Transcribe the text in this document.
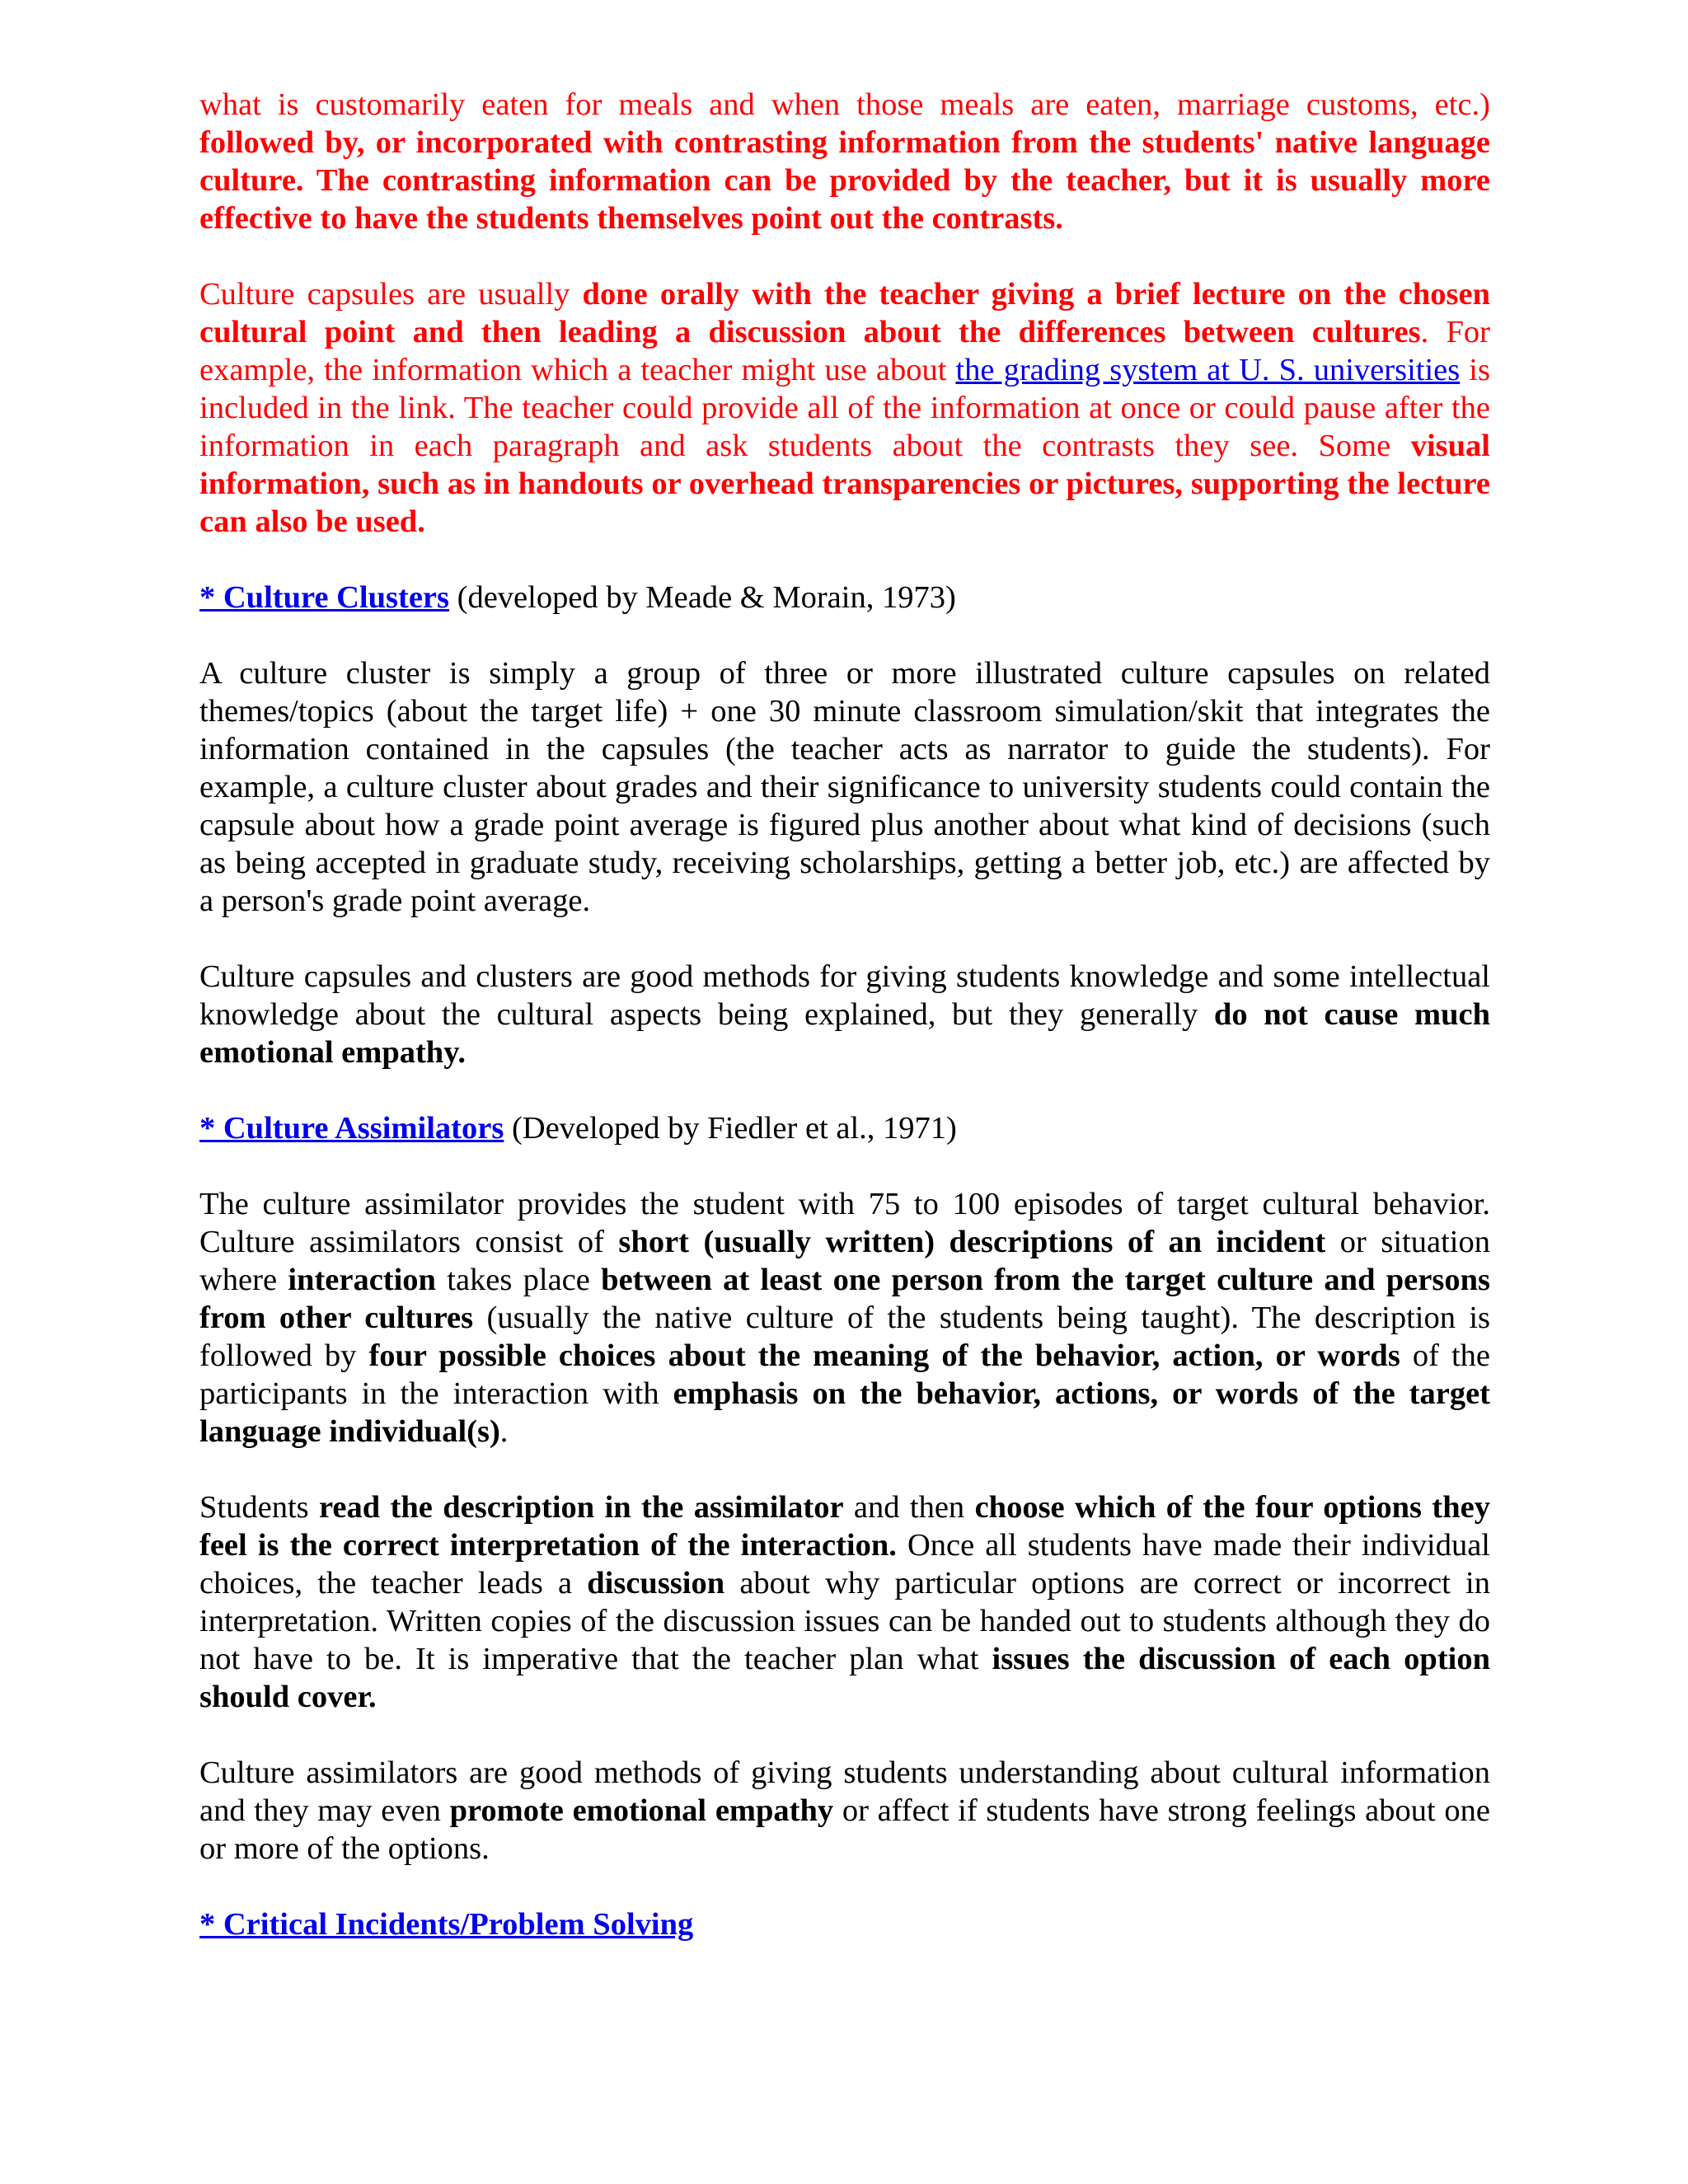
what is customarily eaten for meals and when those meals are eaten, marriage customs, etc.) followed by, or incorporated with contrasting information from the students' native language culture. The contrasting information can be provided by the teacher, but it is usually more effective to have the students themselves point out the contrasts.

Culture capsules are usually done orally with the teacher giving a brief lecture on the chosen cultural point and then leading a discussion about the differences between cultures. For example, the information which a teacher might use about the grading system at U. S. universities is included in the link. The teacher could provide all of the information at once or could pause after the information in each paragraph and ask students about the contrasts they see. Some visual information, such as in handouts or overhead transparencies or pictures, supporting the lecture can also be used.

* Culture Clusters (developed by Meade & Morain, 1973)

A culture cluster is simply a group of three or more illustrated culture capsules on related themes/topics (about the target life) + one 30 minute classroom simulation/skit that integrates the information contained in the capsules (the teacher acts as narrator to guide the students). For example, a culture cluster about grades and their significance to university students could contain the capsule about how a grade point average is figured plus another about what kind of decisions (such as being accepted in graduate study, receiving scholarships, getting a better job, etc.) are affected by a person's grade point average.

Culture capsules and clusters are good methods for giving students knowledge and some intellectual knowledge about the cultural aspects being explained, but they generally do not cause much emotional empathy.

* Culture Assimilators (Developed by Fiedler et al., 1971)

The culture assimilator provides the student with 75 to 100 episodes of target cultural behavior. Culture assimilators consist of short (usually written) descriptions of an incident or situation where interaction takes place between at least one person from the target culture and persons from other cultures (usually the native culture of the students being taught). The description is followed by four possible choices about the meaning of the behavior, action, or words of the participants in the interaction with emphasis on the behavior, actions, or words of the target language individual(s).

Students read the description in the assimilator and then choose which of the four options they feel is the correct interpretation of the interaction. Once all students have made their individual choices, the teacher leads a discussion about why particular options are correct or incorrect in interpretation. Written copies of the discussion issues can be handed out to students although they do not have to be. It is imperative that the teacher plan what issues the discussion of each option should cover.

Culture assimilators are good methods of giving students understanding about cultural information and they may even promote emotional empathy or affect if students have strong feelings about one or more of the options.

* Critical Incidents/Problem Solving
